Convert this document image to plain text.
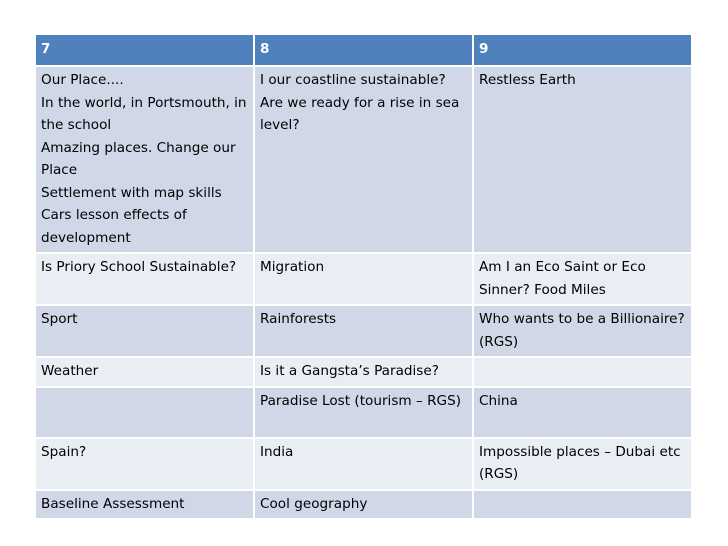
7	8	9
Our Place....
In the world, in Portsmouth, in the school
Amazing places. Change our Place
Settlement with map skills
Cars lesson effects of development	I our coastline sustainable? Are we ready for a rise in sea level?	Restless Earth
Is Priory School Sustainable?	Migration	Am I an Eco Saint or Eco Sinner? Food Miles
Sport	Rainforests	Who wants to be a Billionaire? (RGS)
Weather	Is it a Gangsta’s Paradise?	
	Paradise Lost (tourism – RGS)	China
Spain?	India	Impossible places – Dubai etc (RGS)
Baseline Assessment	Cool geography	
